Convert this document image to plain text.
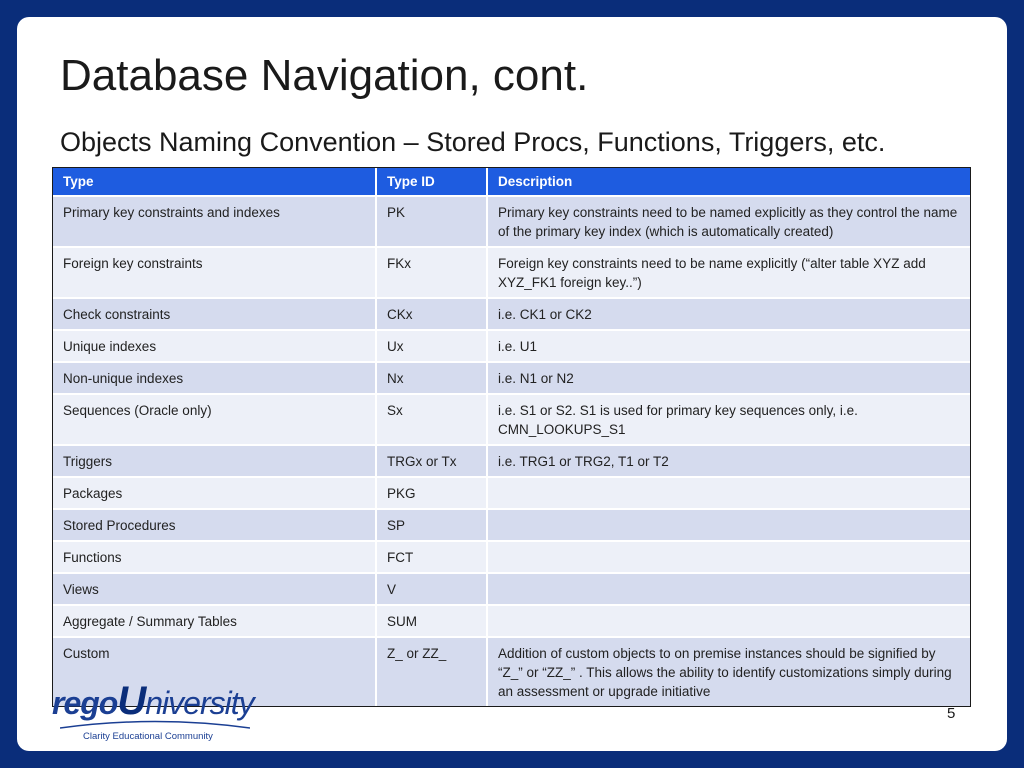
Database Navigation, cont.
Objects Naming Convention – Stored Procs, Functions, Triggers, etc.
Type	Type ID	Description
Primary key constraints and indexes	PK	Primary key constraints need to be named explicitly as they control the name of the primary key index (which is automatically created)
Foreign key constraints	FKx	Foreign key constraints need to be name explicitly (“alter table XYZ add XYZ_FK1 foreign key..”)
Check constraints	CKx	i.e. CK1 or CK2
Unique indexes	Ux	i.e. U1
Non-unique indexes	Nx	i.e. N1 or N2
Sequences (Oracle only)	Sx	i.e. S1 or S2. S1 is used for primary key sequences only, i.e. CMN_LOOKUPS_S1
Triggers	TRGx or Tx	i.e. TRG1 or TRG2, T1 or T2
Packages	PKG	
Stored Procedures	SP	
Functions	FCT	
Views	V	
Aggregate / Summary Tables	SUM	
Custom	Z_ or ZZ_	Addition of custom objects to on premise instances should be signified by “Z_” or “ZZ_” . This allows the ability to identify customizations simply during an assessment or upgrade initiative
regoUniversity
Clarity Educational Community
5
